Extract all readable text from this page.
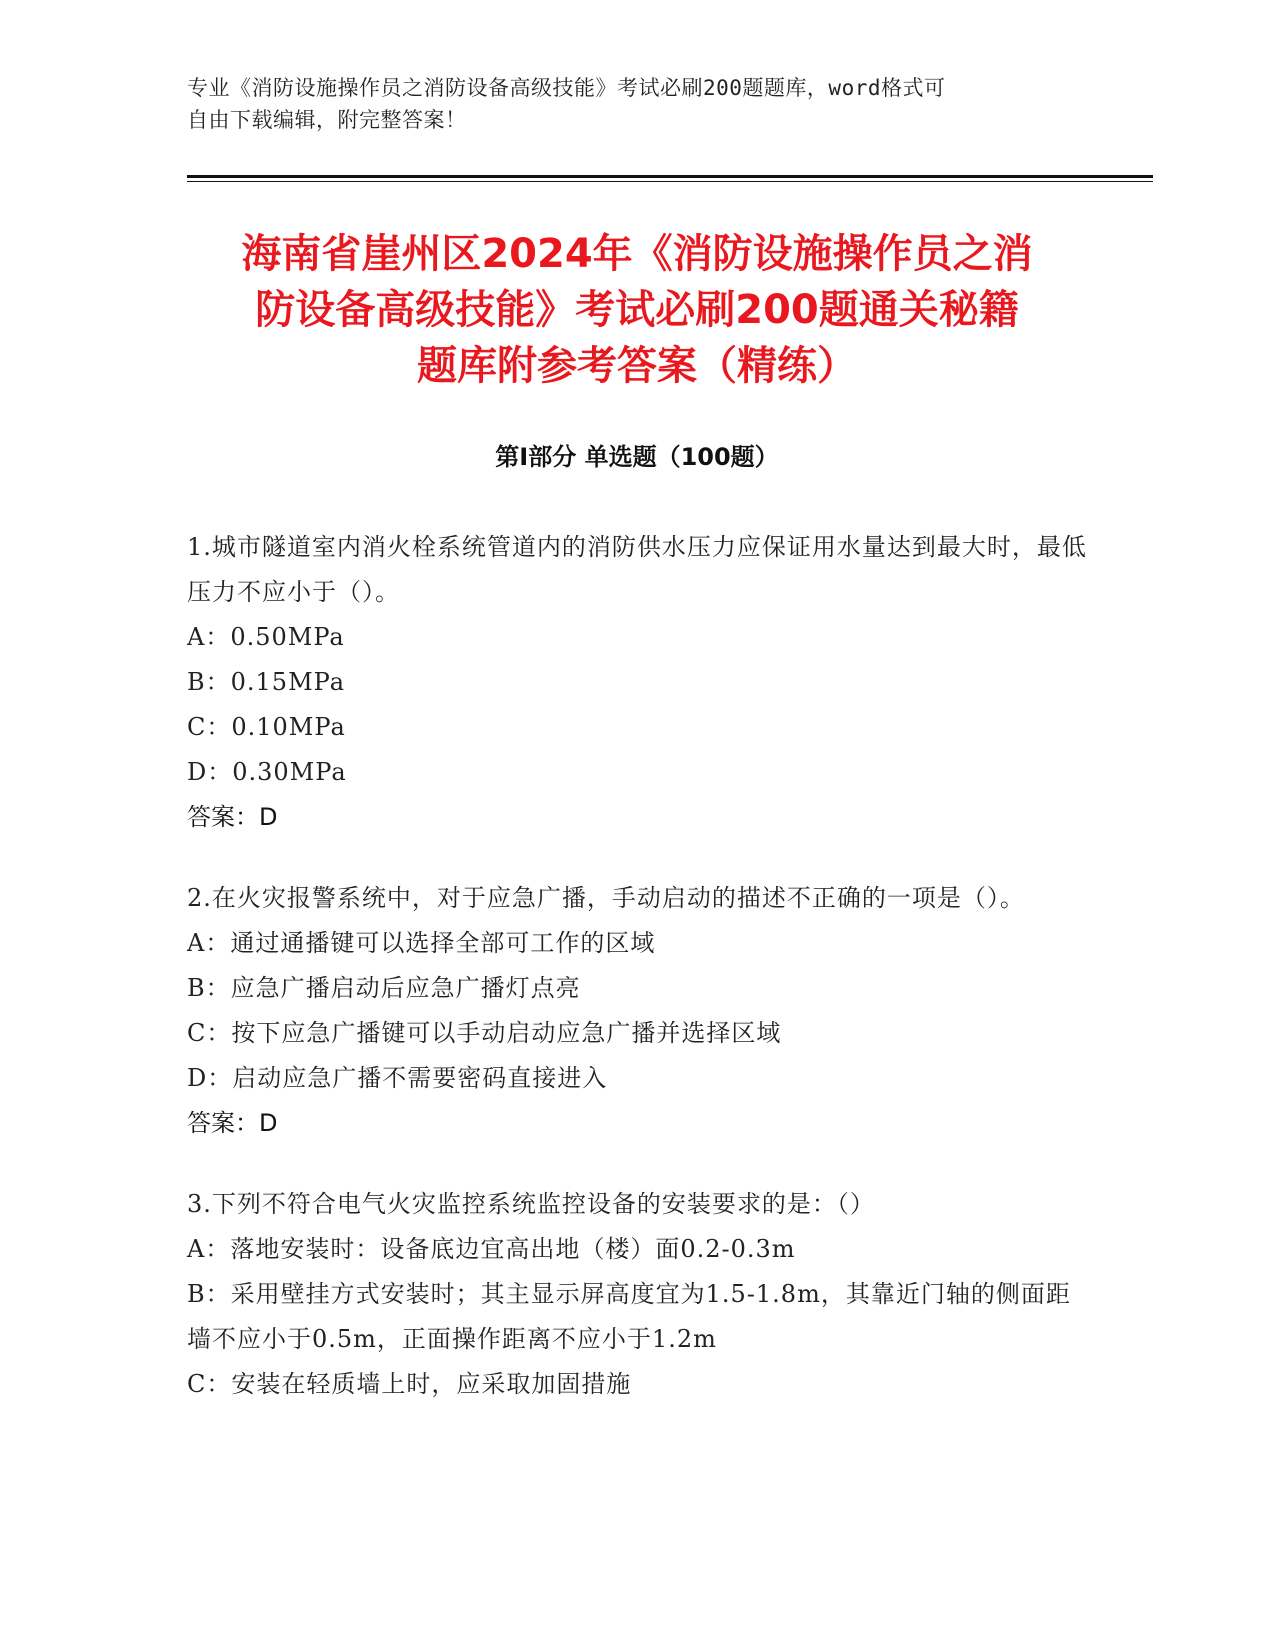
专业《消防设施操作员之消防设备高级技能》考试必刷200题题库，word格式可
自由下载编辑，附完整答案！
海南省崖州区2024年《消防设施操作员之消
防设备高级技能》考试必刷200题通关秘籍
题库附参考答案（精练）
第Ⅰ部分 单选题（100题）
1.城市隧道室内消火栓系统管道内的消防供水压力应保证用水量达到最大时，最低压力不应小于（）。
A：0.50MPa
B：0.15MPa
C：0.10MPa
D：0.30MPa
答案：D
2.在火灾报警系统中，对于应急广播，手动启动的描述不正确的一项是（）。
A：通过通播键可以选择全部可工作的区域
B：应急广播启动后应急广播灯点亮
C：按下应急广播键可以手动启动应急广播并选择区域
D：启动应急广播不需要密码直接进入
答案：D
3.下列不符合电气火灾监控系统监控设备的安装要求的是：（）
A：落地安装时：设备底边宜高出地（楼）面0.2-0.3m
B：采用壁挂方式安装时；其主显示屏高度宜为1.5-1.8m，其靠近门轴的侧面距墙不应小于0.5m，正面操作距离不应小于1.2m
C：安装在轻质墙上时，应采取加固措施
